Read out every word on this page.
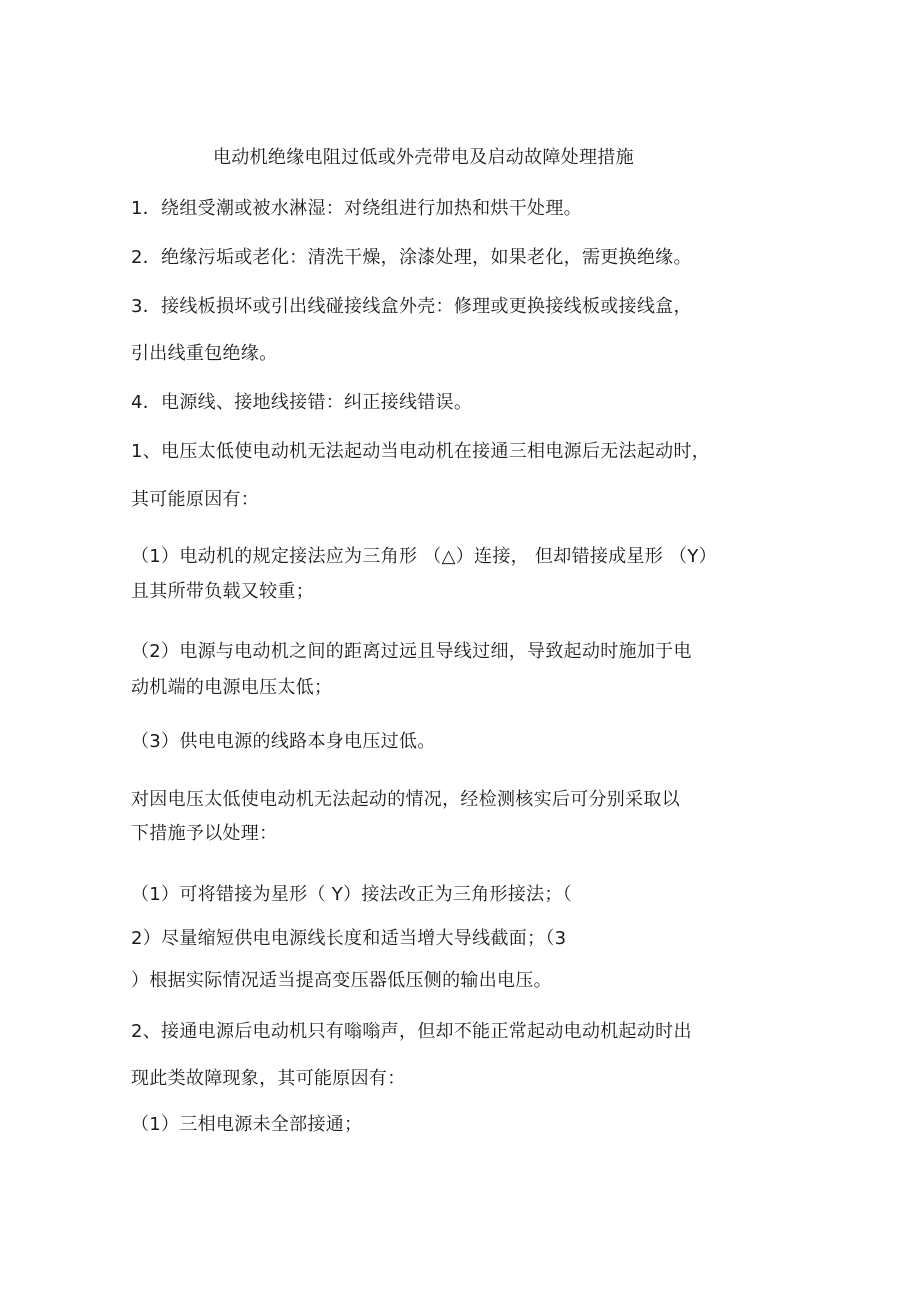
电动机绝缘电阻过低或外壳带电及启动故障处理措施
1．绕组受潮或被水淋湿：对绕组进行加热和烘干处理。
2．绝缘污垢或老化：清洗干燥，涂漆处理，如果老化，需更换绝缘。
3．接线板损坏或引出线碰接线盒外壳：修理或更换接线板或接线盒，
引出线重包绝缘。
4．电源线、接地线接错：纠正接线错误。
1、电压太低使电动机无法起动当电动机在接通三相电源后无法起动时，
其可能原因有：
（1）电动机的规定接法应为三角形 （△）连接， 但却错接成星形 （Y）
且其所带负载又较重；
（2）电源与电动机之间的距离过远且导线过细，导致起动时施加于电
动机端的电源电压太低；
（3）供电电源的线路本身电压过低。
对因电压太低使电动机无法起动的情况，经检测核实后可分别采取以
下措施予以处理：
（1）可将错接为星形（ Y）接法改正为三角形接法；（
2）尽量缩短供电电源线长度和适当增大导线截面；（3
）根据实际情况适当提高变压器低压侧的输出电压。
2、接通电源后电动机只有嗡嗡声，但却不能正常起动电动机起动时出
现此类故障现象，其可能原因有：
（1）三相电源未全部接通；
